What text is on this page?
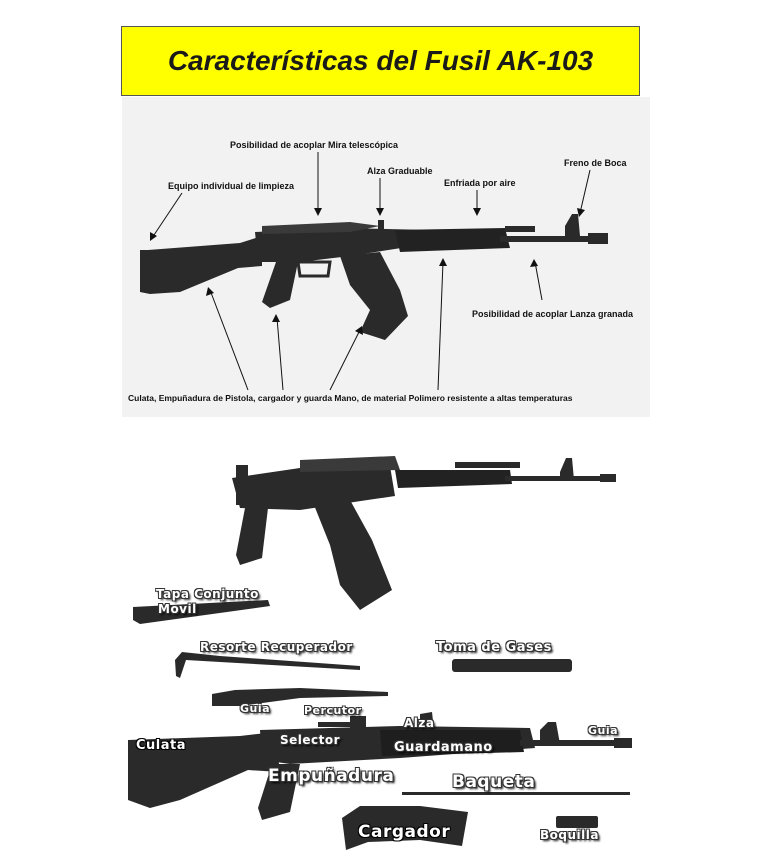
Características del Fusil AK-103
Posibilidad de acoplar Mira telescópica
Equipo individual de limpieza
Alza Graduable
Enfriada por aire
Freno de Boca
Posibilidad de acoplar Lanza granada
Culata, Empuñadura de Pistola, cargador y guarda Mano, de material Polimero resistente a altas temperaturas
Tapa Conjunto
Movil
Resorte Recuperador	Toma de Gases
Guia	Percutor
Alza
Guia
Culata	Selector	Guardamano
Empuñadura	Baqueta
Cargador	Boquilla
